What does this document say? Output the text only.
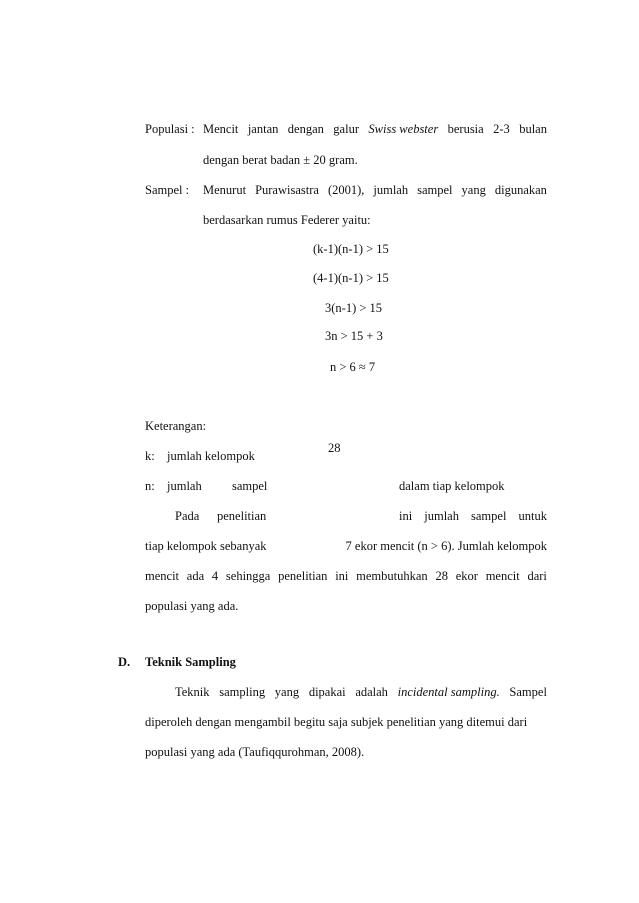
Populasi : Mencit jantan dengan galur Swiss webster berusia 2-3 bulan
dengan berat badan ± 20 gram.
Sampel : Menurut Purawisastra (2001), jumlah sampel yang digunakan
berdasarkan rumus Federer yaitu:
(k-1)(n-1) > 15
(4-1)(n-1) > 15
3(n-1) > 15
3n > 15 + 3
n > 6 ≈ 7
Keterangan:
28
k: jumlah kelompok
n: jumlah sampel	dalam tiap kelompok
Pada penelitian	ini jumlah sampel untuk
tiap kelompok sebanyak	7 ekor mencit (n > 6). Jumlah kelompok
mencit ada 4 sehingga penelitian ini membutuhkan 28 ekor mencit dari
populasi yang ada.
D. Teknik Sampling
Teknik sampling yang dipakai adalah incidental sampling. Sampel
diperoleh dengan mengambil begitu saja subjek penelitian yang ditemui dari
populasi yang ada (Taufiqqurohman, 2008).
